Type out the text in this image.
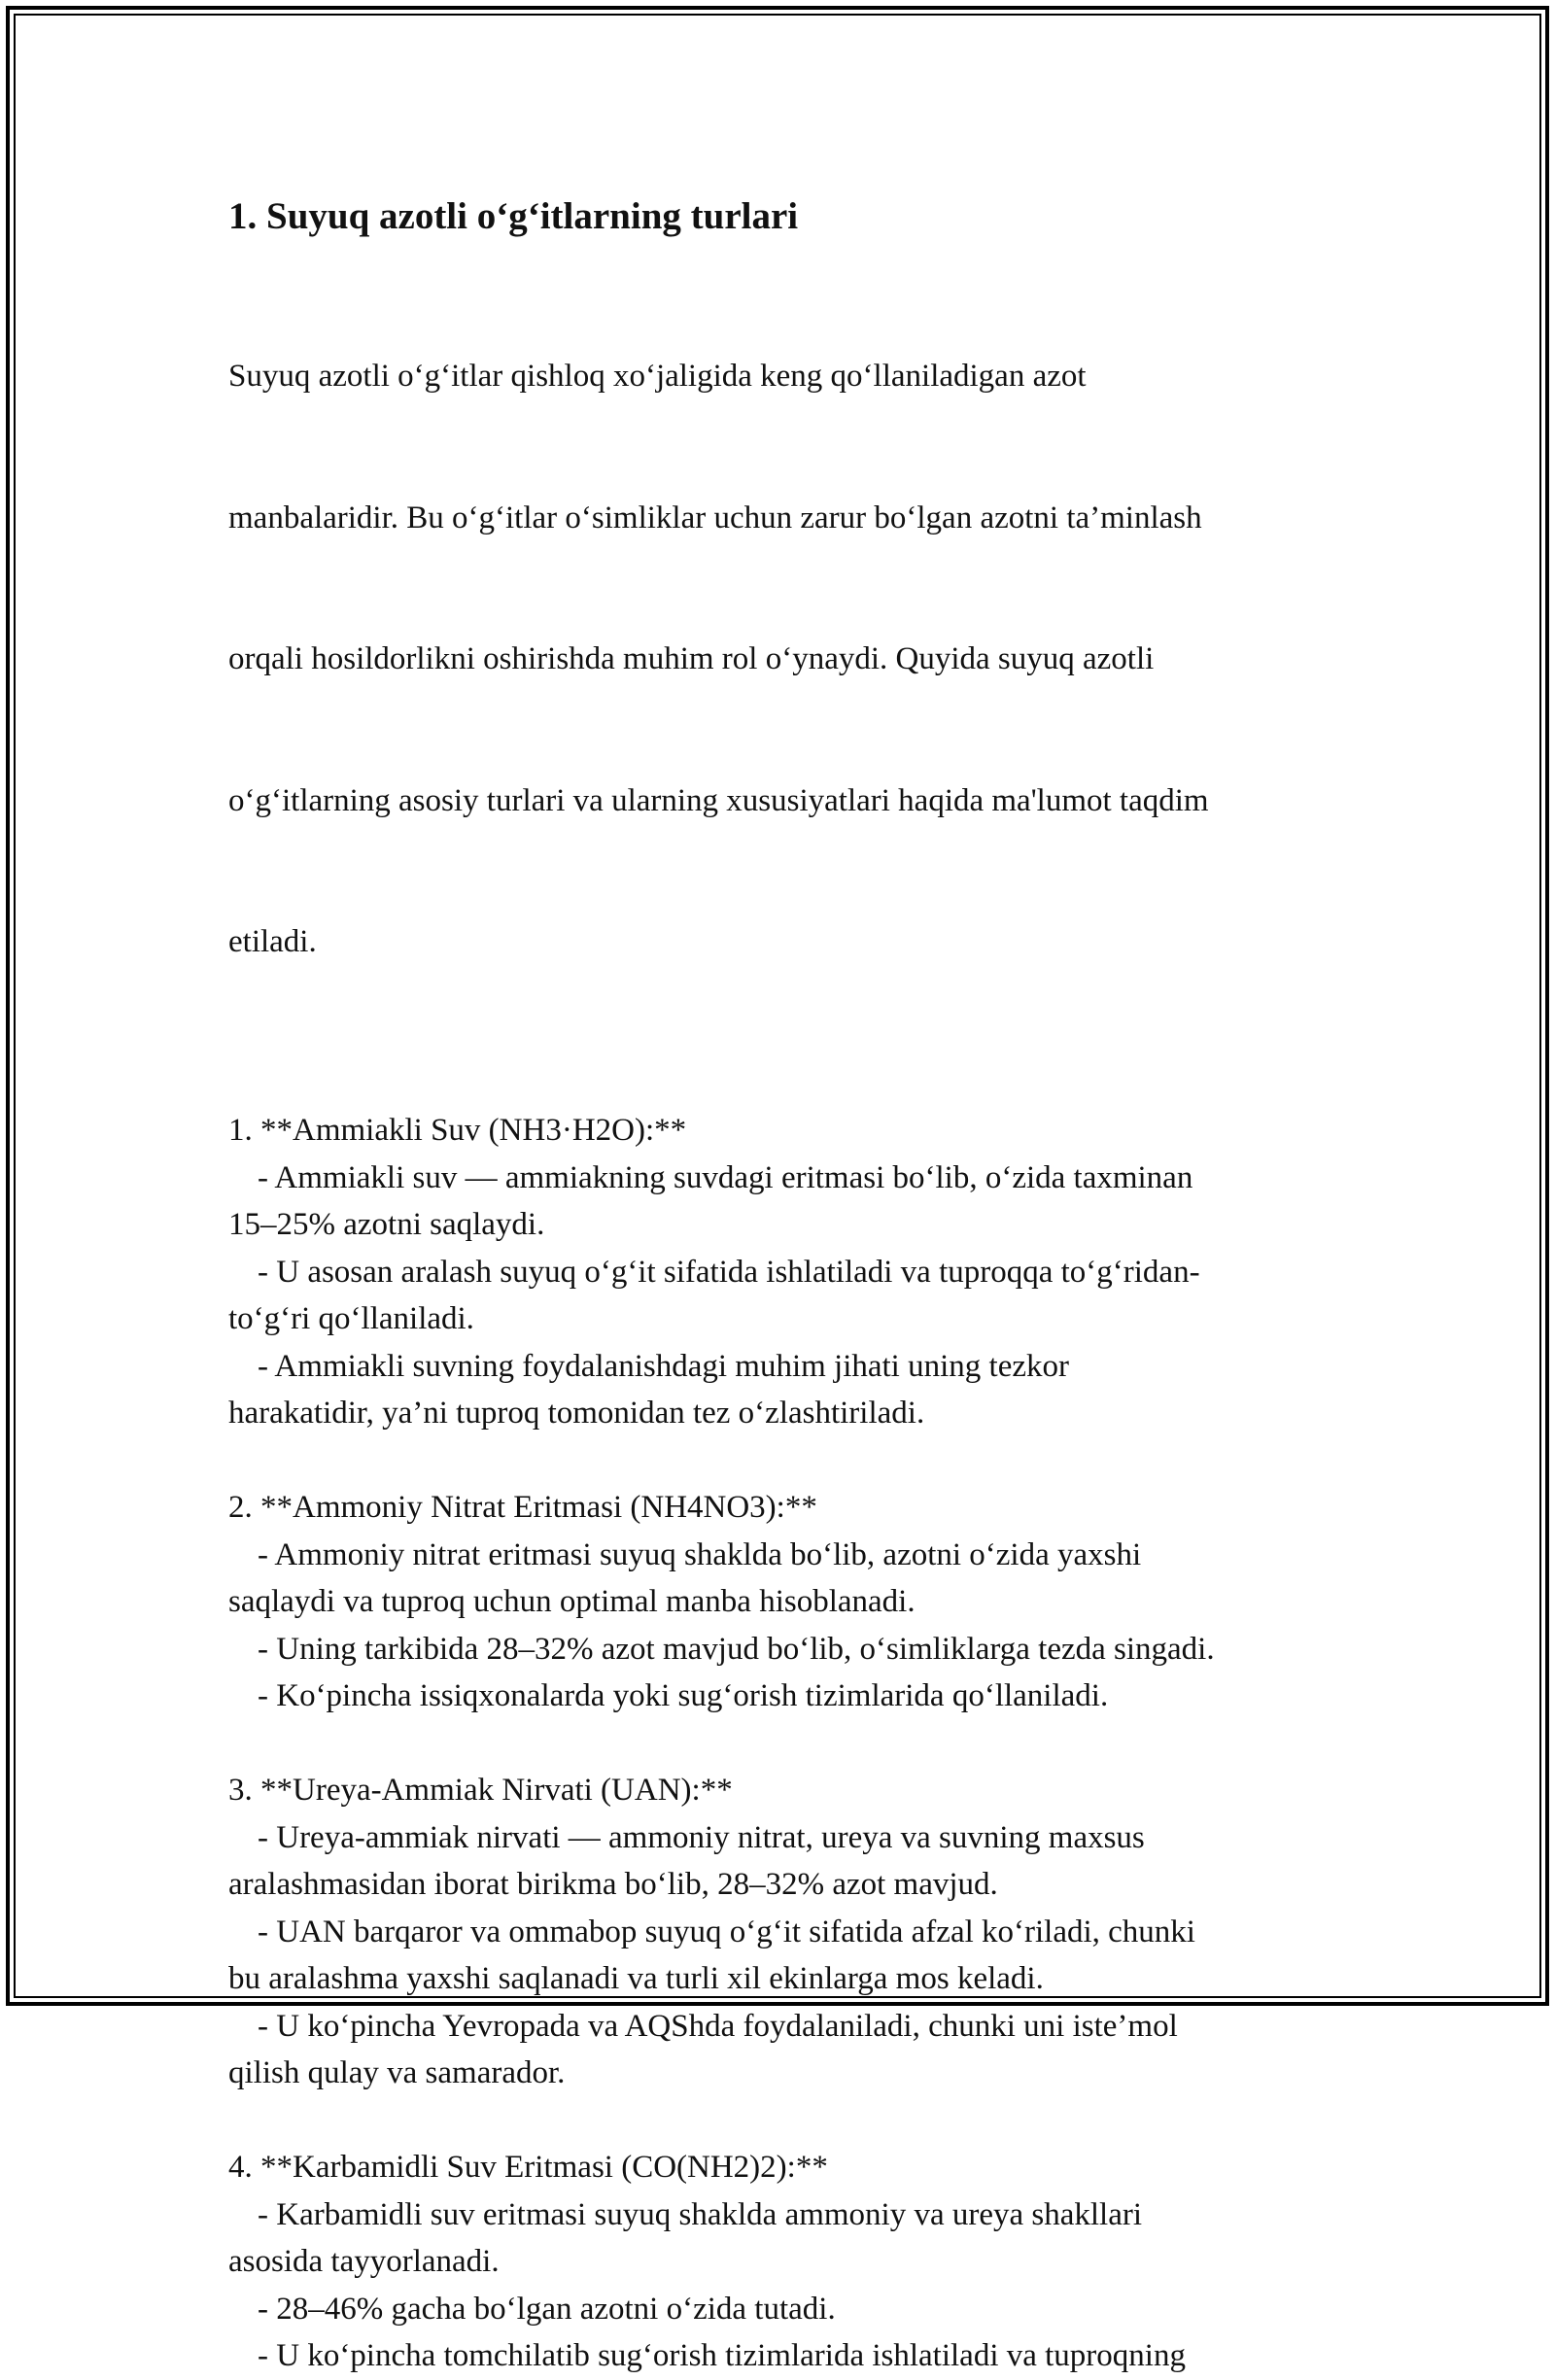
1. Suyuq azotli o‘g‘itlarning turlari

Suyuq azotli o‘g‘itlar qishloq xo‘jaligida keng qo‘llaniladigan azot

manbalaridir. Bu o‘g‘itlar o‘simliklar uchun zarur bo‘lgan azotni ta’minlash

orqali hosildorlikni oshirishda muhim rol o‘ynaydi. Quyida suyuq azotli

o‘g‘itlarning asosiy turlari va ularning xususiyatlari haqida ma'lumot taqdim

etiladi.

1. **Ammiakli Suv (NH3·H2O):**
- Ammiakli suv — ammiakning suvdagi eritmasi bo‘lib, o‘zida taxminan
15–25% azotni saqlaydi.
- U asosan aralash suyuq o‘g‘it sifatida ishlatiladi va tuproqqa to‘g‘ridan-
to‘g‘ri qo‘llaniladi.
- Ammiakli suvning foydalanishdagi muhim jihati uning tezkor
harakatidir, ya’ni tuproq tomonidan tez o‘zlashtiriladi.
2. **Ammoniy Nitrat Eritmasi (NH4NO3):**
- Ammoniy nitrat eritmasi suyuq shaklda bo‘lib, azotni o‘zida yaxshi
saqlaydi va tuproq uchun optimal manba hisoblanadi.
- Uning tarkibida 28–32% azot mavjud bo‘lib, o‘simliklarga tezda singadi.
- Ko‘pincha issiqxonalarda yoki sug‘orish tizimlarida qo‘llaniladi.
3. **Ureya-Ammiak Nirvati (UAN):**
- Ureya-ammiak nirvati — ammoniy nitrat, ureya va suvning maxsus
aralashmasidan iborat birikma bo‘lib, 28–32% azot mavjud.
- UAN barqaror va ommabop suyuq o‘g‘it sifatida afzal ko‘riladi, chunki
bu aralashma yaxshi saqlanadi va turli xil ekinlarga mos keladi.
- U ko‘pincha Yevropada va AQShda foydalaniladi, chunki uni iste’mol
qilish qulay va samarador.
4. **Karbamidli Suv Eritmasi (CO(NH2)2):**
- Karbamidli suv eritmasi suyuq shaklda ammoniy va ureya shakllari
asosida tayyorlanadi.
- 28–46% gacha bo‘lgan azotni o‘zida tutadi.
- U ko‘pincha tomchilatib sug‘orish tizimlarida ishlatiladi va tuproqning
